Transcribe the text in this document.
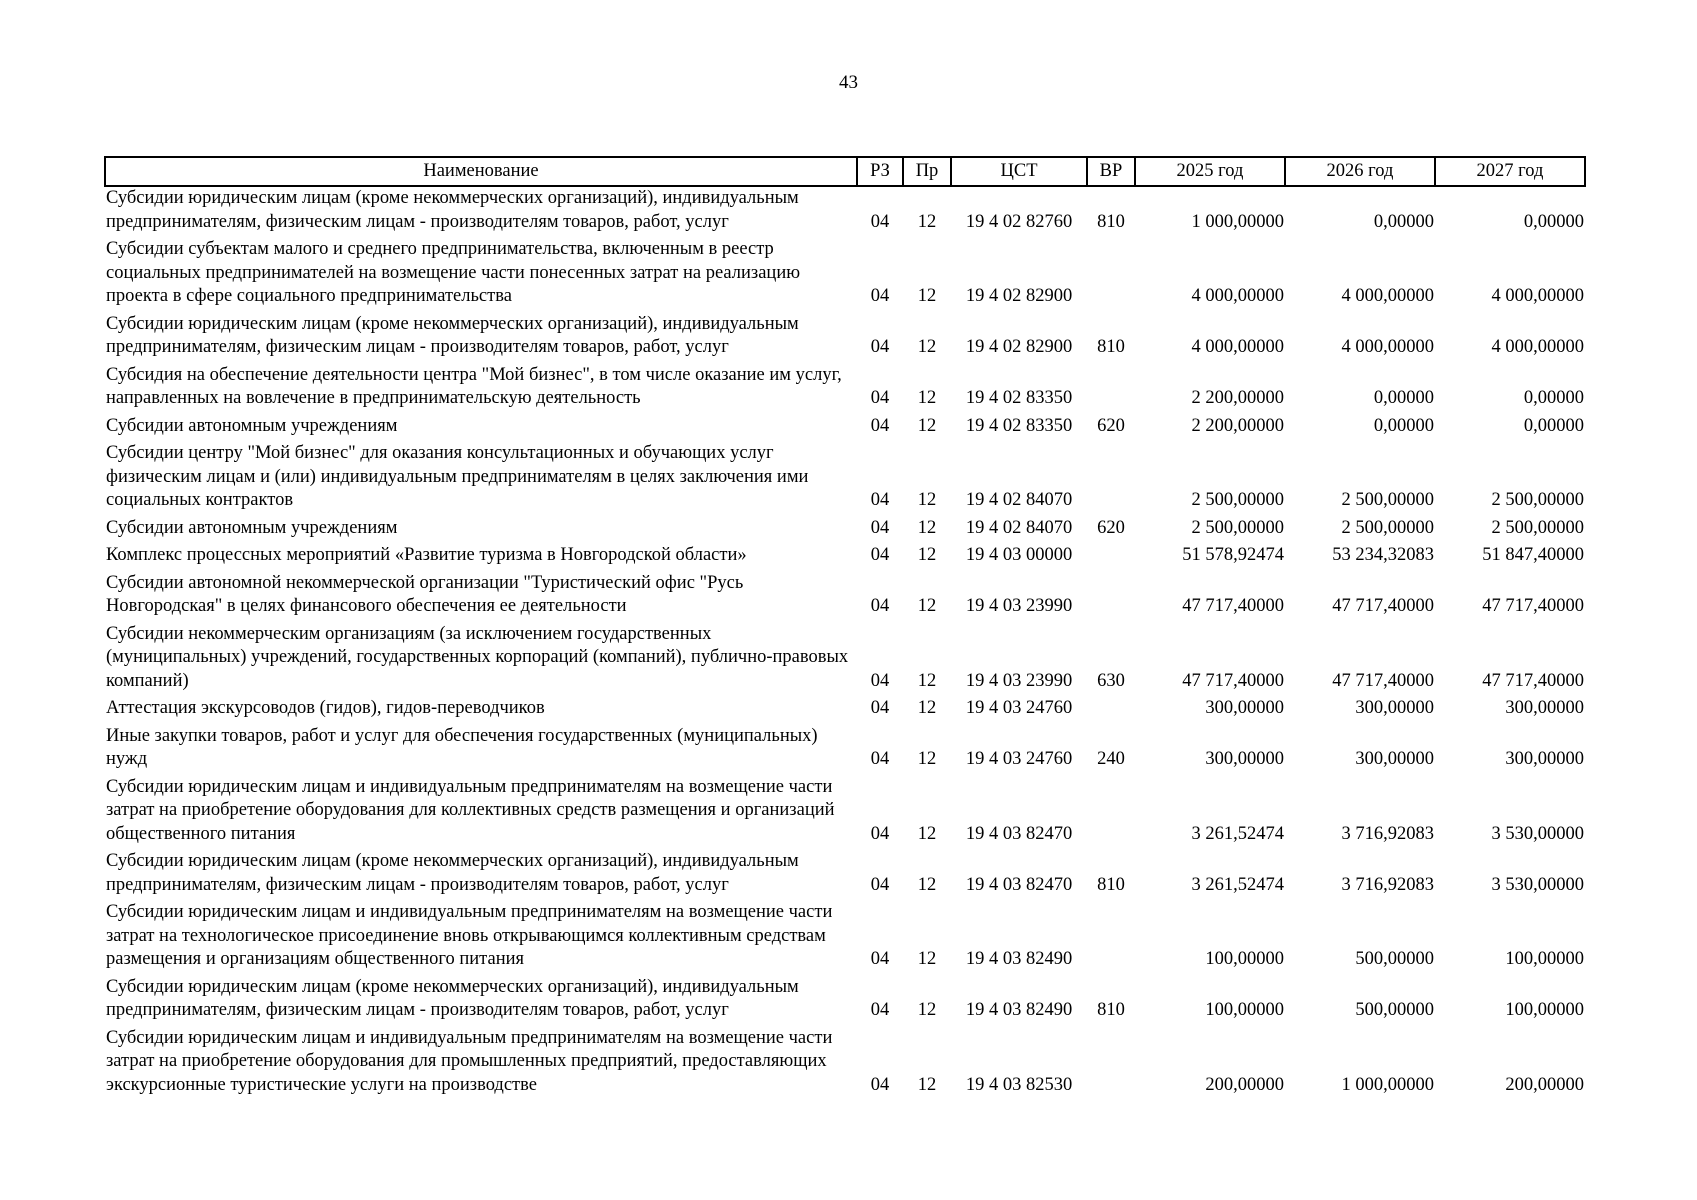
43
Наименование	РЗ	Пр	ЦСТ	ВР	2025 год	2026 год	2027 год
Субсидии юридическим лицам (кроме некоммерческих организаций), индивидуальным предпринимателям, физическим лицам - производителям товаров, работ, услуг	04	12	19 4 02 82760	810	1 000,00000	0,00000	0,00000
Субсидии субъектам малого и среднего предпринимательства, включенным в реестр социальных предпринимателей на возмещение части понесенных затрат на реализацию проекта в сфере социального предпринимательства	04	12	19 4 02 82900		4 000,00000	4 000,00000	4 000,00000
Субсидии юридическим лицам (кроме некоммерческих организаций), индивидуальным предпринимателям, физическим лицам - производителям товаров, работ, услуг	04	12	19 4 02 82900	810	4 000,00000	4 000,00000	4 000,00000
Субсидия на обеспечение деятельности центра "Мой бизнес", в том числе оказание им услуг, направленных на вовлечение в предпринимательскую деятельность	04	12	19 4 02 83350		2 200,00000	0,00000	0,00000
Субсидии автономным учреждениям	04	12	19 4 02 83350	620	2 200,00000	0,00000	0,00000
Субсидии центру "Мой бизнес" для оказания консультационных и обучающих услуг физическим лицам и (или) индивидуальным предпринимателям в целях заключения ими социальных контрактов	04	12	19 4 02 84070		2 500,00000	2 500,00000	2 500,00000
Субсидии автономным учреждениям	04	12	19 4 02 84070	620	2 500,00000	2 500,00000	2 500,00000
Комплекс процессных мероприятий «Развитие туризма в Новгородской области»	04	12	19 4 03 00000		51 578,92474	53 234,32083	51 847,40000
Субсидии автономной некоммерческой организации "Туристический офис "Русь Новгородская" в целях финансового обеспечения ее деятельности	04	12	19 4 03 23990		47 717,40000	47 717,40000	47 717,40000
Субсидии некоммерческим организациям (за исключением государственных (муниципальных) учреждений, государственных корпораций (компаний), публично-правовых компаний)	04	12	19 4 03 23990	630	47 717,40000	47 717,40000	47 717,40000
Аттестация экскурсоводов (гидов), гидов-переводчиков	04	12	19 4 03 24760		300,00000	300,00000	300,00000
Иные закупки товаров, работ и услуг для обеспечения государственных (муниципальных) нужд	04	12	19 4 03 24760	240	300,00000	300,00000	300,00000
Субсидии юридическим лицам и индивидуальным предпринимателям на возмещение части затрат на приобретение оборудования для коллективных средств размещения и организаций общественного питания	04	12	19 4 03 82470		3 261,52474	3 716,92083	3 530,00000
Субсидии юридическим лицам (кроме некоммерческих организаций), индивидуальным предпринимателям, физическим лицам - производителям товаров, работ, услуг	04	12	19 4 03 82470	810	3 261,52474	3 716,92083	3 530,00000
Субсидии юридическим лицам и индивидуальным предпринимателям на возмещение части затрат на технологическое присоединение вновь открывающимся коллективным средствам размещения и организациям общественного питания	04	12	19 4 03 82490		100,00000	500,00000	100,00000
Субсидии юридическим лицам (кроме некоммерческих организаций), индивидуальным предпринимателям, физическим лицам - производителям товаров, работ, услуг	04	12	19 4 03 82490	810	100,00000	500,00000	100,00000
Субсидии юридическим лицам и индивидуальным предпринимателям на возмещение части затрат на приобретение оборудования для промышленных предприятий, предоставляющих экскурсионные туристические услуги на производстве	04	12	19 4 03 82530		200,00000	1 000,00000	200,00000
